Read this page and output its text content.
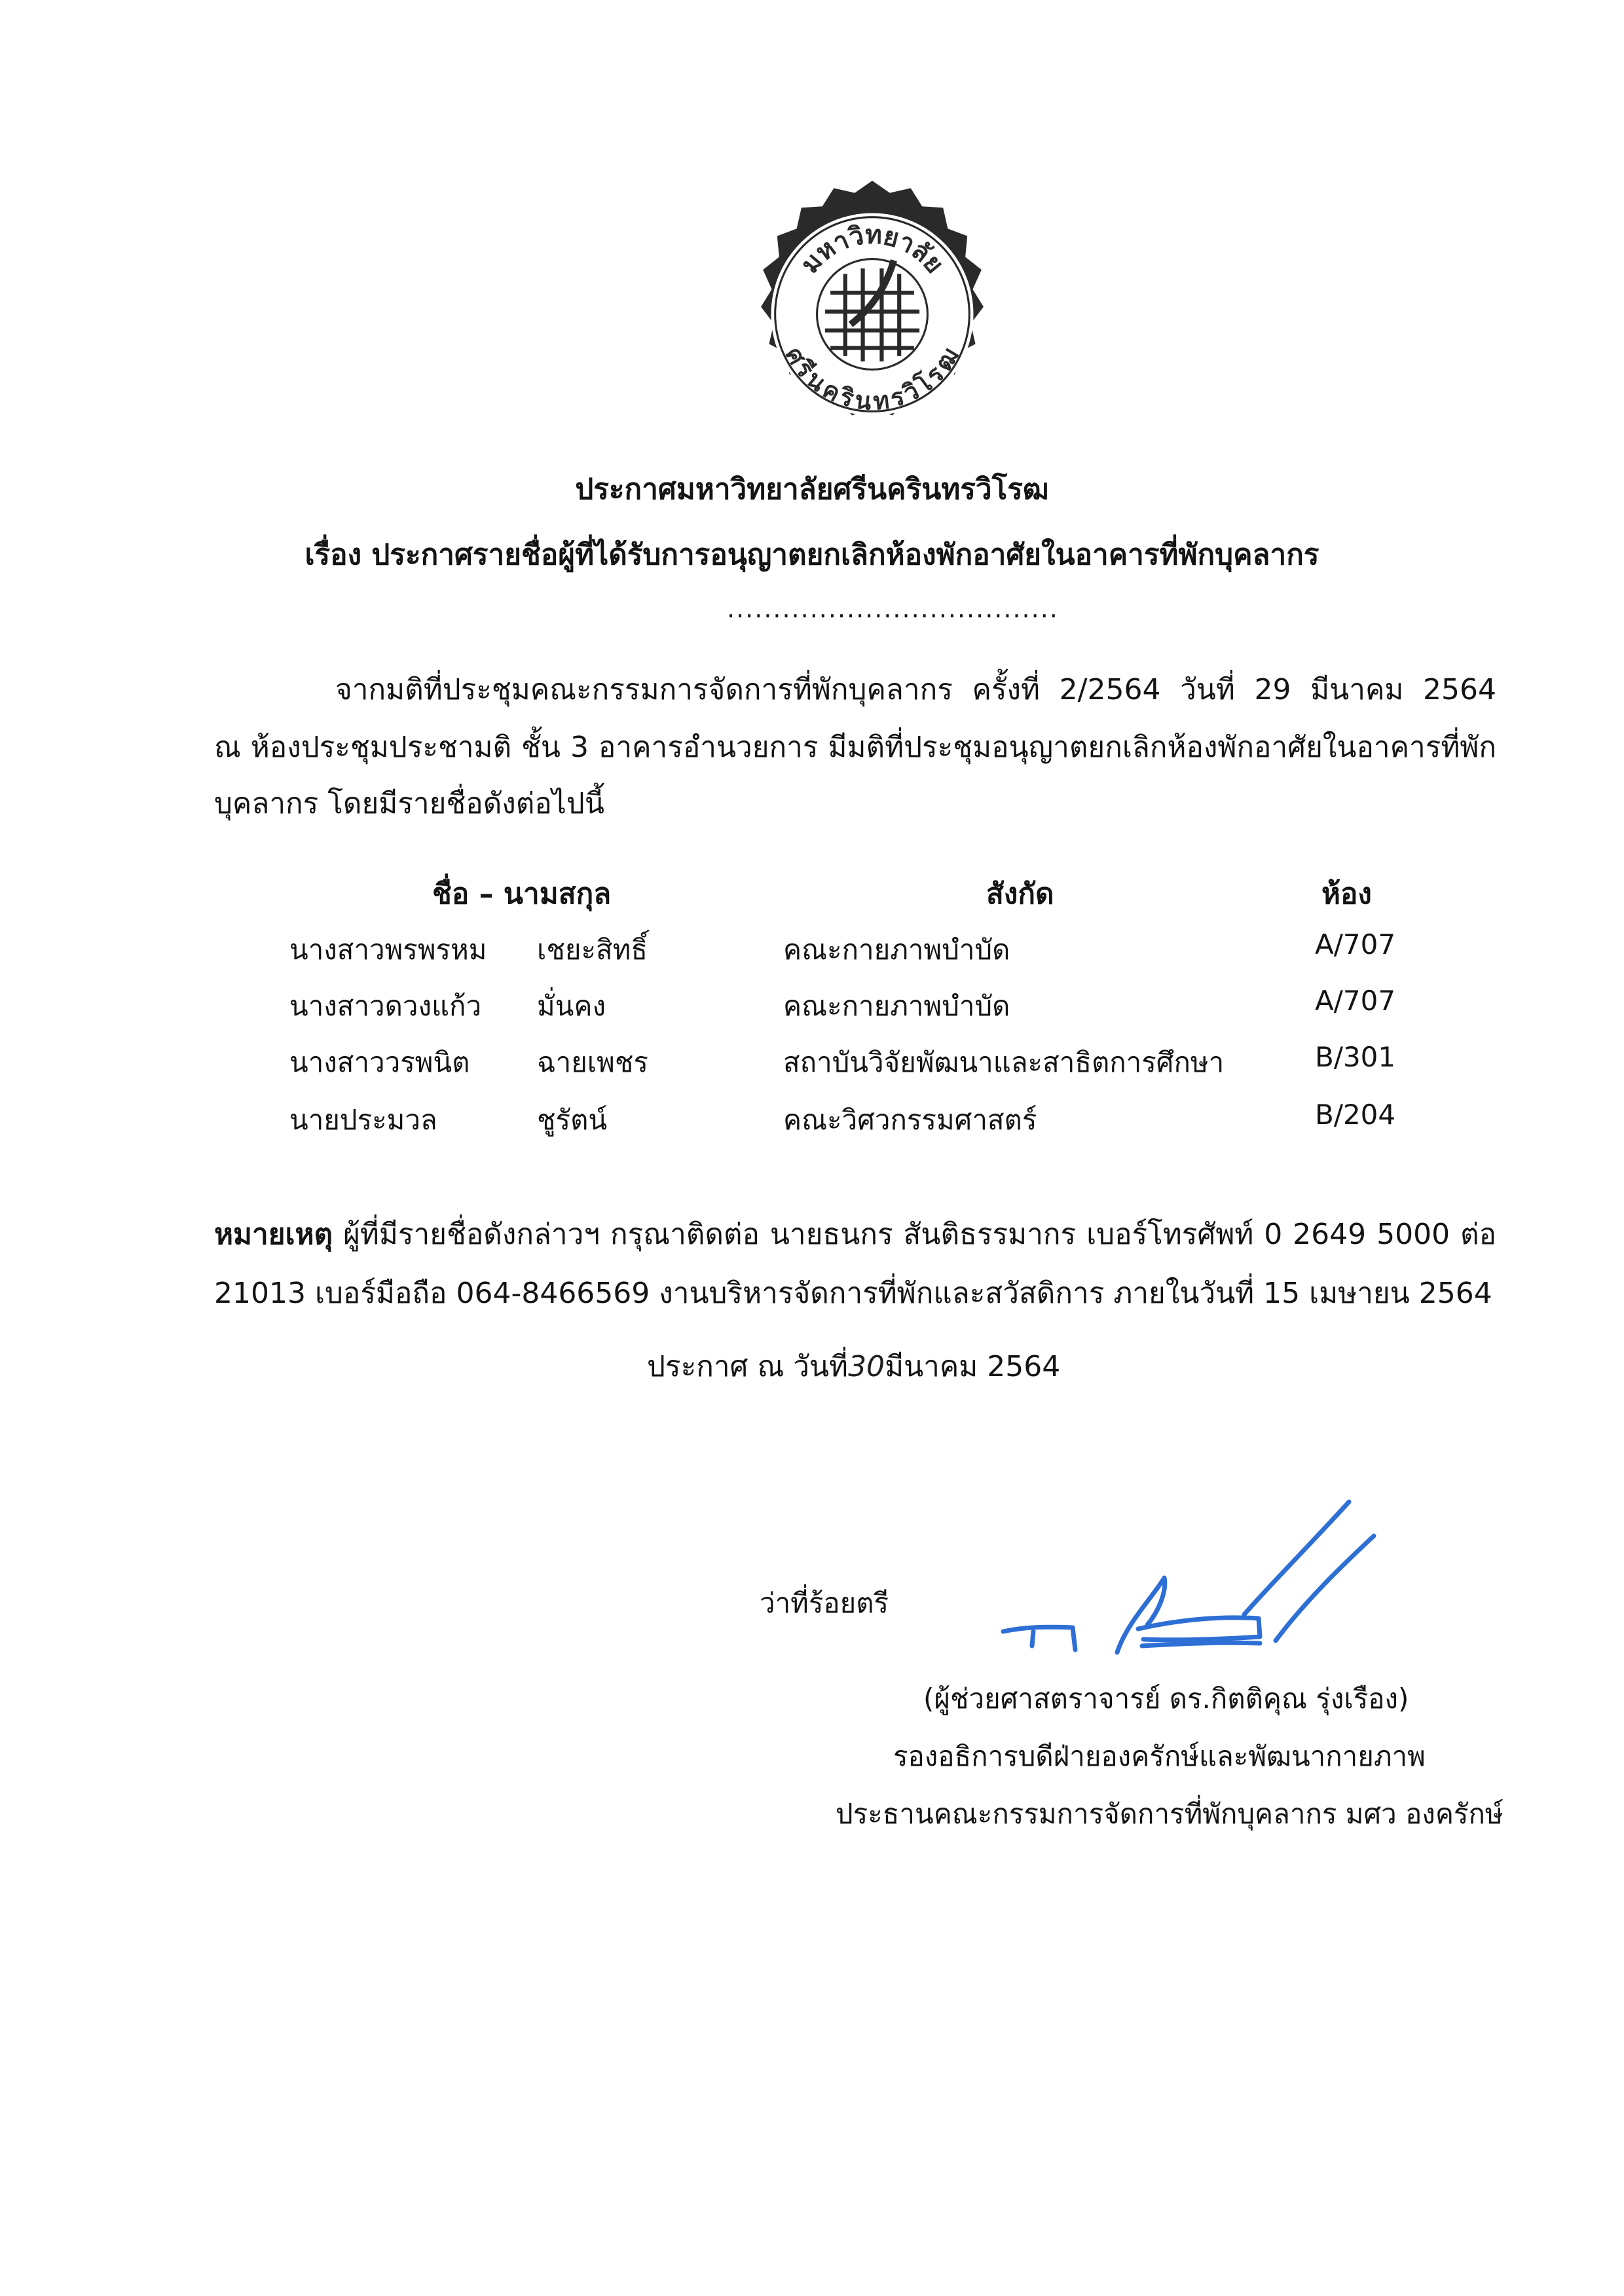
มหาวิทยาลัย
ศรีนครินทรวิโรฒ
ประกาศมหาวิทยาลัยศรีนครินทรวิโรฒ
เรื่อง ประกาศรายชื่อผู้ที่ได้รับการอนุญาตยกเลิกห้องพักอาศัยในอาคารที่พักบุคลากร
....................................
จากมติที่ประชุมคณะกรรมการจัดการที่พักบุคลากร ครั้งที่ 2/2564 วันที่ 29 มีนาคม 2564
ณ ห้องประชุมประชามติ ชั้น 3 อาคารอำนวยการ มีมติที่ประชุมอนุญาตยกเลิกห้องพักอาศัยในอาคารที่พัก
บุคลากร โดยมีรายชื่อดังต่อไปนี้
ชื่อ – นามสกุล	สังกัด	ห้อง
นางสาวพรพรหม เชยะสิทธิ์	คณะกายภาพบำบัด	A/707
นางสาวดวงแก้ว มั่นคง	คณะกายภาพบำบัด	A/707
นางสาววรพนิต ฉายเพชร	สถาบันวิจัยพัฒนาและสาธิตการศึกษา	B/301
นายประมวล	ชูรัตน์	คณะวิศวกรรมศาสตร์	B/204
หมายเหตุ ผู้ที่มีรายชื่อดังกล่าวฯ กรุณาติดต่อ นายธนกร สันติธรรมากร เบอร์โทรศัพท์ 0 2649 5000 ต่อ
21013 เบอร์มือถือ 064-8466569 งานบริหารจัดการที่พักและสวัสดิการ ภายในวันที่ 15 เมษายน 2564
ประกาศ ณ วันที่30มีนาคม 2564
ว่าที่ร้อยตรี
(ผู้ช่วยศาสตราจารย์ ดร.กิตติคุณ รุ่งเรือง)
รองอธิการบดีฝ่ายองครักษ์และพัฒนากายภาพ
ประธานคณะกรรมการจัดการที่พักบุคลากร มศว องครักษ์
